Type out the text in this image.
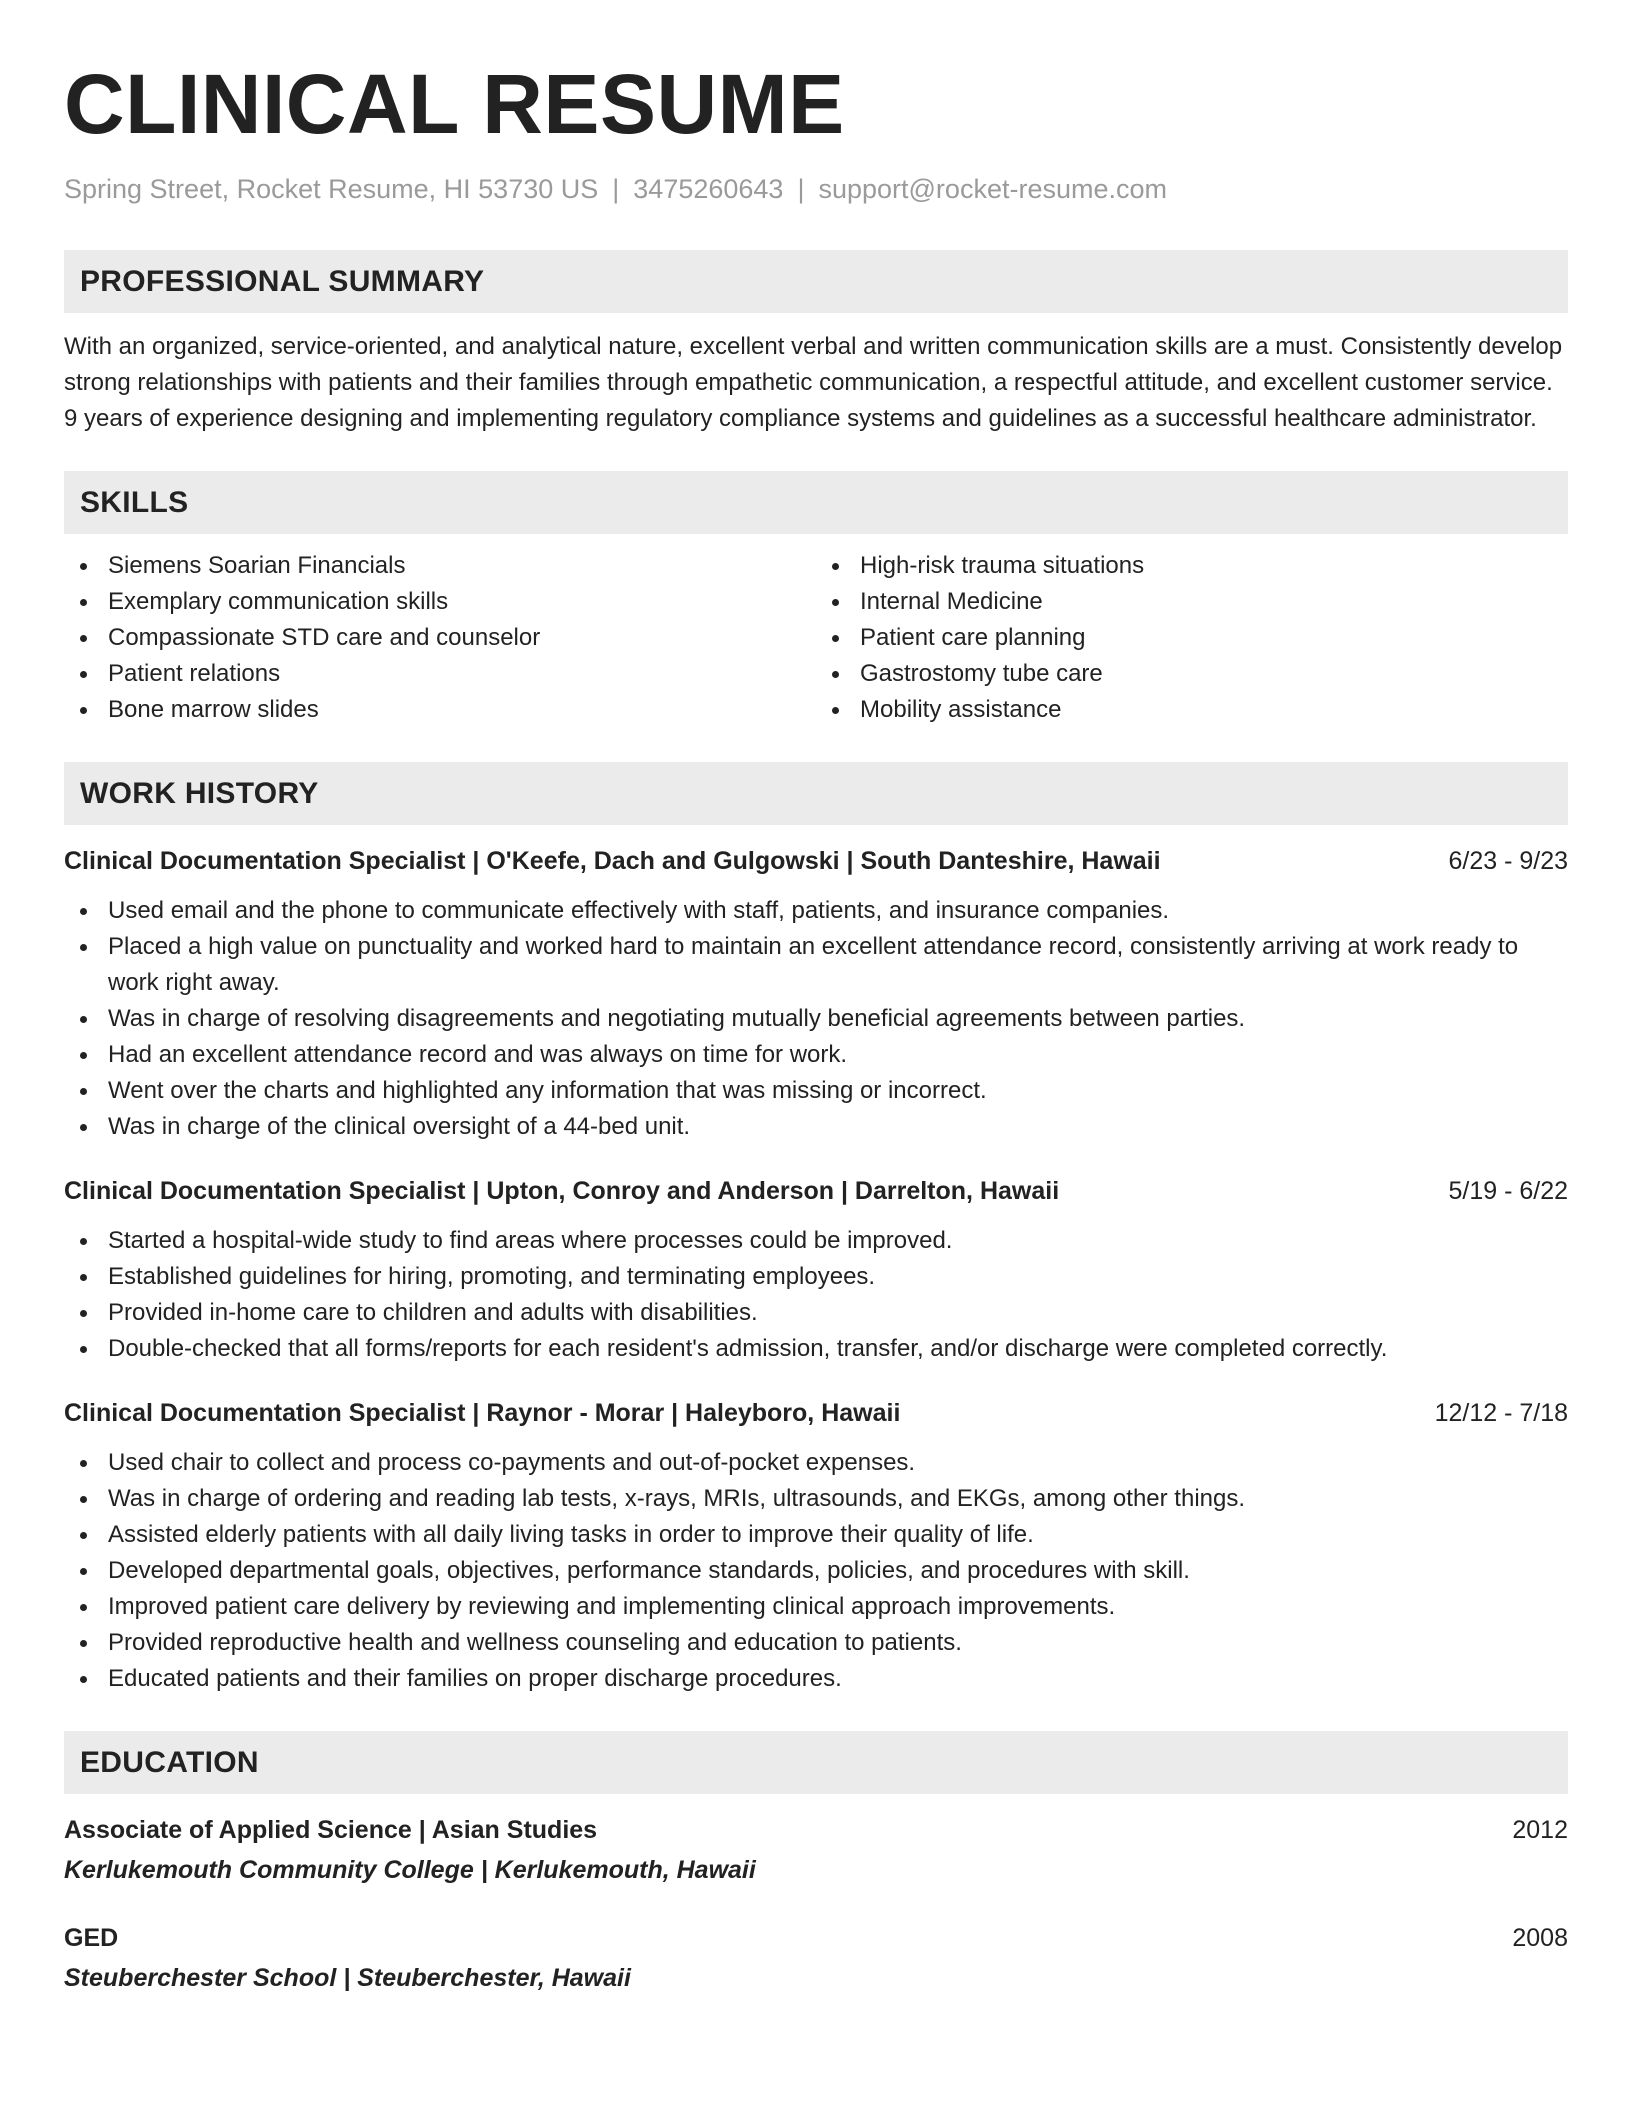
CLINICAL RESUME
Spring Street, Rocket Resume, HI 53730 US | 3475260643 | support@rocket-resume.com
PROFESSIONAL SUMMARY
With an organized, service-oriented, and analytical nature, excellent verbal and written communication skills are a must. Consistently develop strong relationships with patients and their families through empathetic communication, a respectful attitude, and excellent customer service. 9 years of experience designing and implementing regulatory compliance systems and guidelines as a successful healthcare administrator.
SKILLS
Siemens Soarian Financials
Exemplary communication skills
Compassionate STD care and counselor
Patient relations
Bone marrow slides
High-risk trauma situations
Internal Medicine
Patient care planning
Gastrostomy tube care
Mobility assistance
WORK HISTORY
Clinical Documentation Specialist | O'Keefe, Dach and Gulgowski | South Danteshire, Hawaii	6/23 - 9/23
Used email and the phone to communicate effectively with staff, patients, and insurance companies.
Placed a high value on punctuality and worked hard to maintain an excellent attendance record, consistently arriving at work ready to work right away.
Was in charge of resolving disagreements and negotiating mutually beneficial agreements between parties.
Had an excellent attendance record and was always on time for work.
Went over the charts and highlighted any information that was missing or incorrect.
Was in charge of the clinical oversight of a 44-bed unit.
Clinical Documentation Specialist | Upton, Conroy and Anderson | Darrelton, Hawaii	5/19 - 6/22
Started a hospital-wide study to find areas where processes could be improved.
Established guidelines for hiring, promoting, and terminating employees.
Provided in-home care to children and adults with disabilities.
Double-checked that all forms/reports for each resident's admission, transfer, and/or discharge were completed correctly.
Clinical Documentation Specialist | Raynor - Morar | Haleyboro, Hawaii	12/12 - 7/18
Used chair to collect and process co-payments and out-of-pocket expenses.
Was in charge of ordering and reading lab tests, x-rays, MRIs, ultrasounds, and EKGs, among other things.
Assisted elderly patients with all daily living tasks in order to improve their quality of life.
Developed departmental goals, objectives, performance standards, policies, and procedures with skill.
Improved patient care delivery by reviewing and implementing clinical approach improvements.
Provided reproductive health and wellness counseling and education to patients.
Educated patients and their families on proper discharge procedures.
EDUCATION
Associate of Applied Science | Asian Studies	2012
Kerlukemouth Community College | Kerlukemouth, Hawaii
GED	2008
Steuberchester School | Steuberchester, Hawaii
